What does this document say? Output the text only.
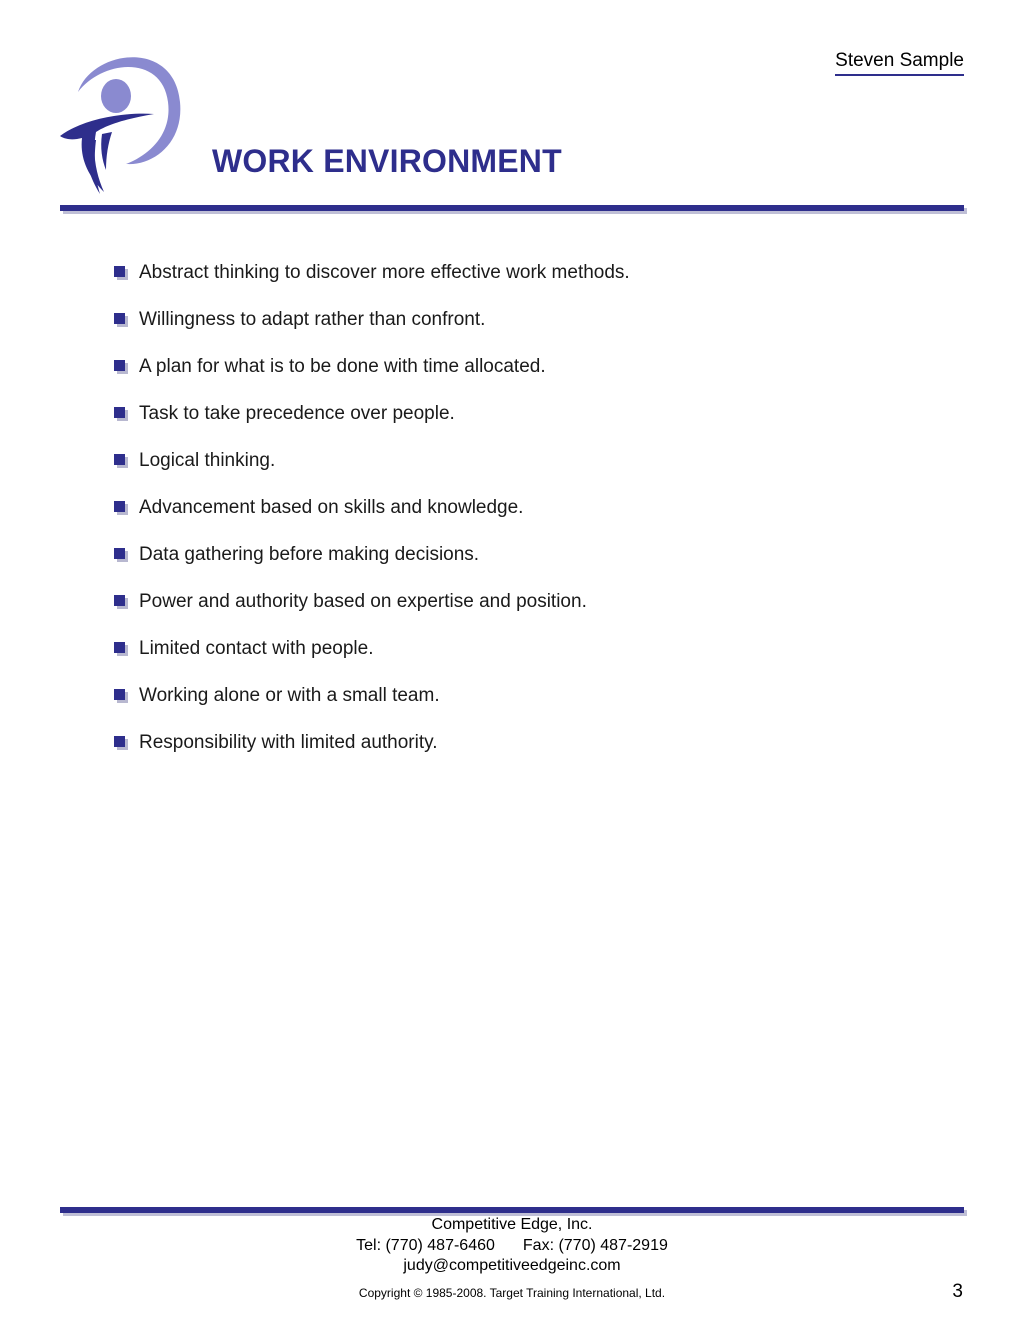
Steven Sample
WORK ENVIRONMENT
Abstract thinking to discover more effective work methods.
Willingness to adapt rather than confront.
A plan for what is to be done with time allocated.
Task to take precedence over people.
Logical thinking.
Advancement based on skills and knowledge.
Data gathering before making decisions.
Power and authority based on expertise and position.
Limited contact with people.
Working alone or with a small team.
Responsibility with limited authority.
Competitive Edge, Inc.
Tel: (770) 487-6460 Fax: (770) 487-2919
judy@competitiveedgeinc.com
Copyright © 1985-2008. Target Training International, Ltd.	3
